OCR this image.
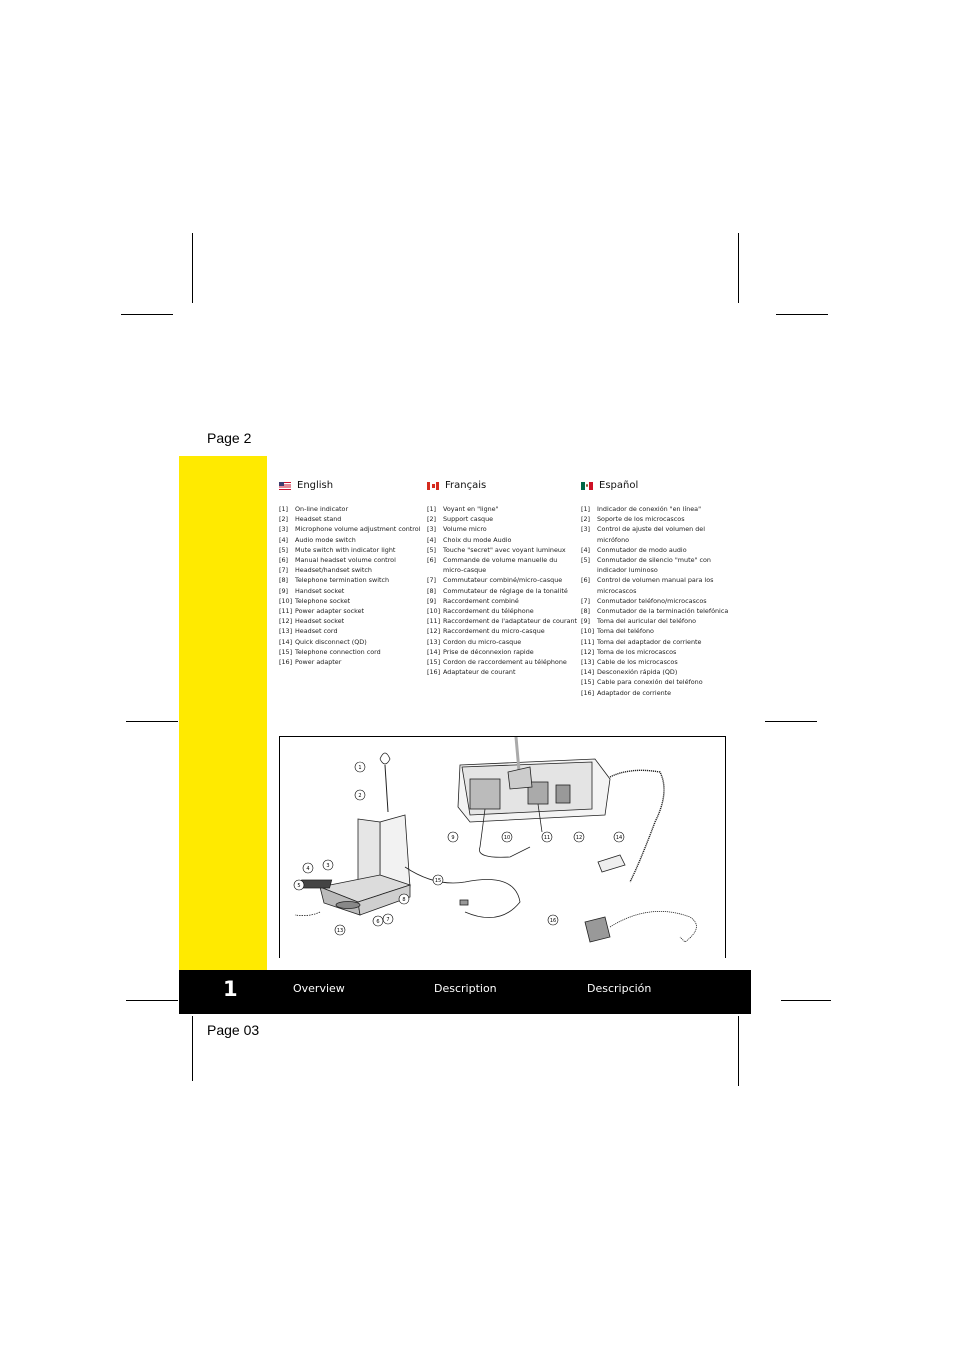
Page 2
Page 03
English
[1]	On-line indicator
[2]	Headset stand
[3]	Microphone volume adjustment control
[4]	Audio mode switch
[5]	Mute switch with indicator light
[6]	Manual headset volume control
[7]	Headset/handset switch
[8]	Telephone termination switch
[9]	Handset socket
[10] Telephone socket
[11] Power adapter socket
[12] Headset socket
[13] Headset cord
[14] Quick disconnect (QD)
[15] Telephone connection cord
[16] Power adapter
Français
[1]	Voyant en "ligne"
[2]	Support casque
[3]	Volume micro
[4]	Choix du mode Audio
[5]	Touche "secret" avec voyant lumineux
[6]	Commande de volume manuelle du
micro-casque
[7]	Commutateur combiné/micro-casque
[8]	Commutateur de réglage de la tonalité
[9]	Raccordement combiné
[10] Raccordement du téléphone
[11] Raccordement de l'adaptateur de courant
[12] Raccordement du micro-casque
[13] Cordon du micro-casque
[14] Prise de déconnexion rapide
[15] Cordon de raccordement au téléphone
[16] Adaptateur de courant
Español
[1]	Indicador de conexión "en línea"
[2]	Soporte de los microcascos
[3]	Control de ajuste del volumen del
micrófono
[4]	Conmutador de modo audio
[5]	Conmutador de silencio "mute" con
indicador luminoso
[6]	Control de volumen manual para los
microcascos
[7]	Conmutador teléfono/microcascos
[8]	Conmutador de la terminación telefónica
[9]	Toma del auricular del teléfono
[10] Toma del teléfono
[11] Toma del adaptador de corriente
[12] Toma de los microcascos
[13] Cable de los microcascos
[14] Desconexión rápida (QD)
[15] Cable para conexión del teléfono
[16] Adaptador de corriente
1
2
3
4
5
6 7
8
9	10	11	12
13
14
15
16
1	Overview	Description	Descripción
